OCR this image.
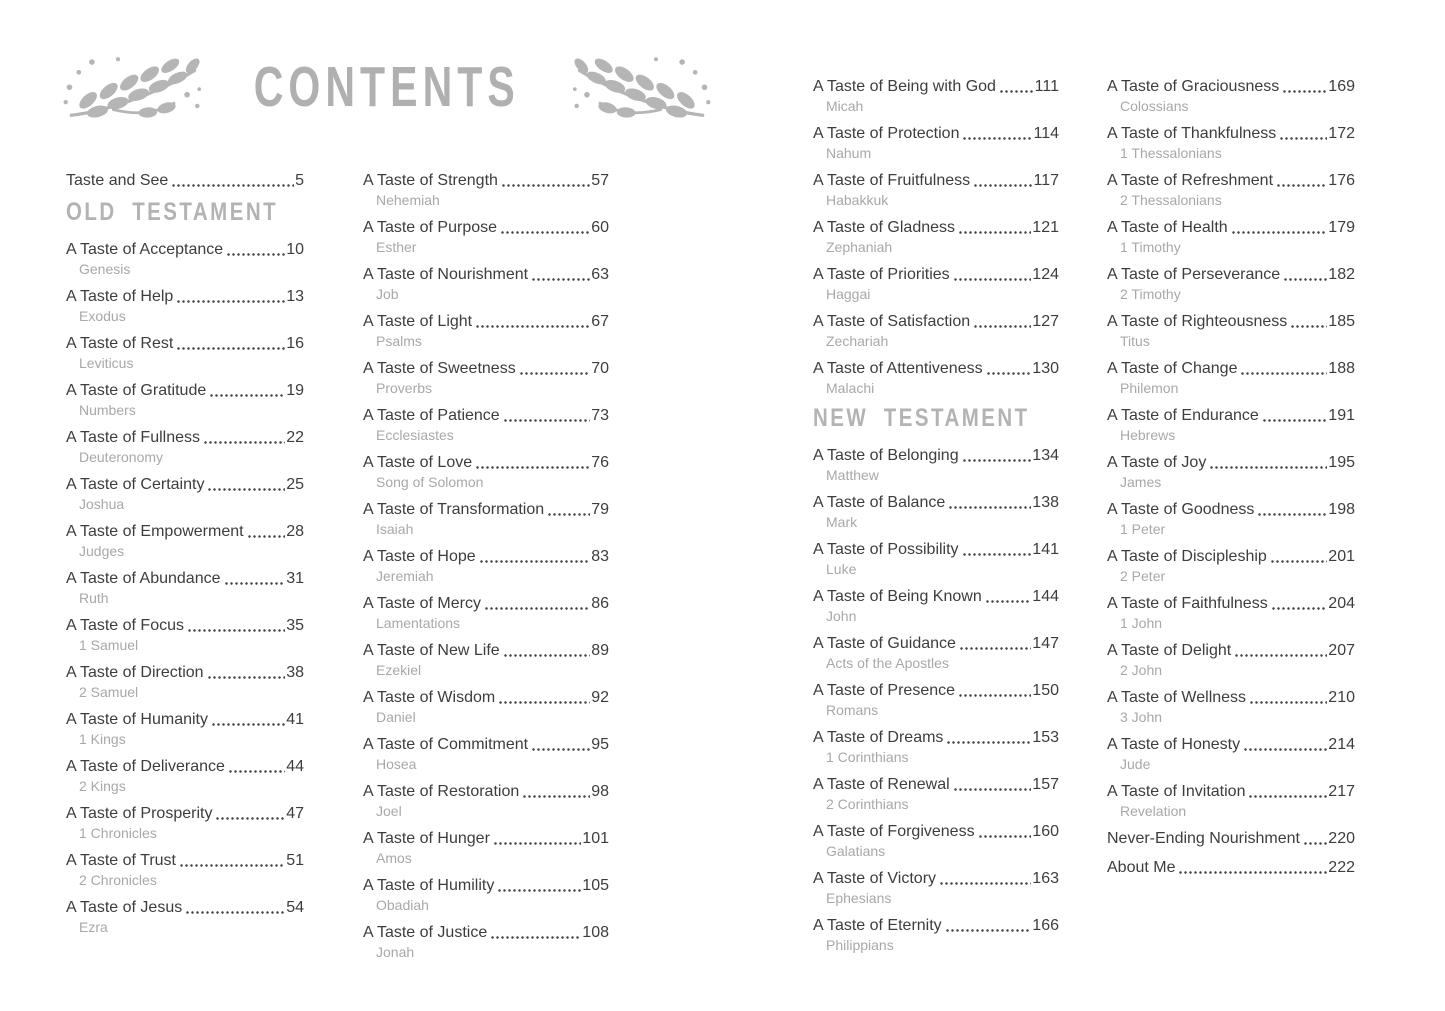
CONTENTS
Taste and See	5
OLD TESTAMENT
A Taste of Acceptance	10
Genesis
A Taste of Help	13
Exodus
A Taste of Rest	16
Leviticus
A Taste of Gratitude	19
Numbers
A Taste of Fullness	22
Deuteronomy
A Taste of Certainty	25
Joshua
A Taste of Empowerment	28
Judges
A Taste of Abundance	31
Ruth
A Taste of Focus	35
1 Samuel
A Taste of Direction	38
2 Samuel
A Taste of Humanity	41
1 Kings
A Taste of Deliverance	44
2 Kings
A Taste of Prosperity	47
1 Chronicles
A Taste of Trust	51
2 Chronicles
A Taste of Jesus	54
Ezra
A Taste of Strength	57
Nehemiah
A Taste of Purpose	60
Esther
A Taste of Nourishment	63
Job
A Taste of Light	67
Psalms
A Taste of Sweetness	70
Proverbs
A Taste of Patience	73
Ecclesiastes
A Taste of Love	76
Song of Solomon
A Taste of Transformation	79
Isaiah
A Taste of Hope	83
Jeremiah
A Taste of Mercy	86
Lamentations
A Taste of New Life	89
Ezekiel
A Taste of Wisdom	92
Daniel
A Taste of Commitment	95
Hosea
A Taste of Restoration	98
Joel
A Taste of Hunger	101
Amos
A Taste of Humility	105
Obadiah
A Taste of Justice	108
Jonah
A Taste of Being with God 111
Micah
A Taste of Protection	114
Nahum
A Taste of Fruitfulness	117
Habakkuk
A Taste of Gladness	121
Zephaniah
A Taste of Priorities	124
Haggai
A Taste of Satisfaction	127
Zechariah
A Taste of Attentiveness	130
Malachi
NEW TESTAMENT
A Taste of Belonging	134
Matthew
A Taste of Balance	138
Mark
A Taste of Possibility	141
Luke
A Taste of Being Known	144
John
A Taste of Guidance	147
Acts of the Apostles
A Taste of Presence	150
Romans
A Taste of Dreams	153
1 Corinthians
A Taste of Renewal	157
2 Corinthians
A Taste of Forgiveness	160
Galatians
A Taste of Victory	163
Ephesians
A Taste of Eternity	166
Philippians
A Taste of Graciousness	169
Colossians
A Taste of Thankfulness	172
1 Thessalonians
A Taste of Refreshment	176
2 Thessalonians
A Taste of Health	179
1 Timothy
A Taste of Perseverance	182
2 Timothy
A Taste of Righteousness	185
Titus
A Taste of Change	188
Philemon
A Taste of Endurance	191
Hebrews
A Taste of Joy	195
James
A Taste of Goodness	198
1 Peter
A Taste of Discipleship	201
2 Peter
A Taste of Faithfulness	204
1 John
A Taste of Delight	207
2 John
A Taste of Wellness	210
3 John
A Taste of Honesty	214
Jude
A Taste of Invitation	217
Revelation
Never-Ending Nourishment 220
About Me	222
